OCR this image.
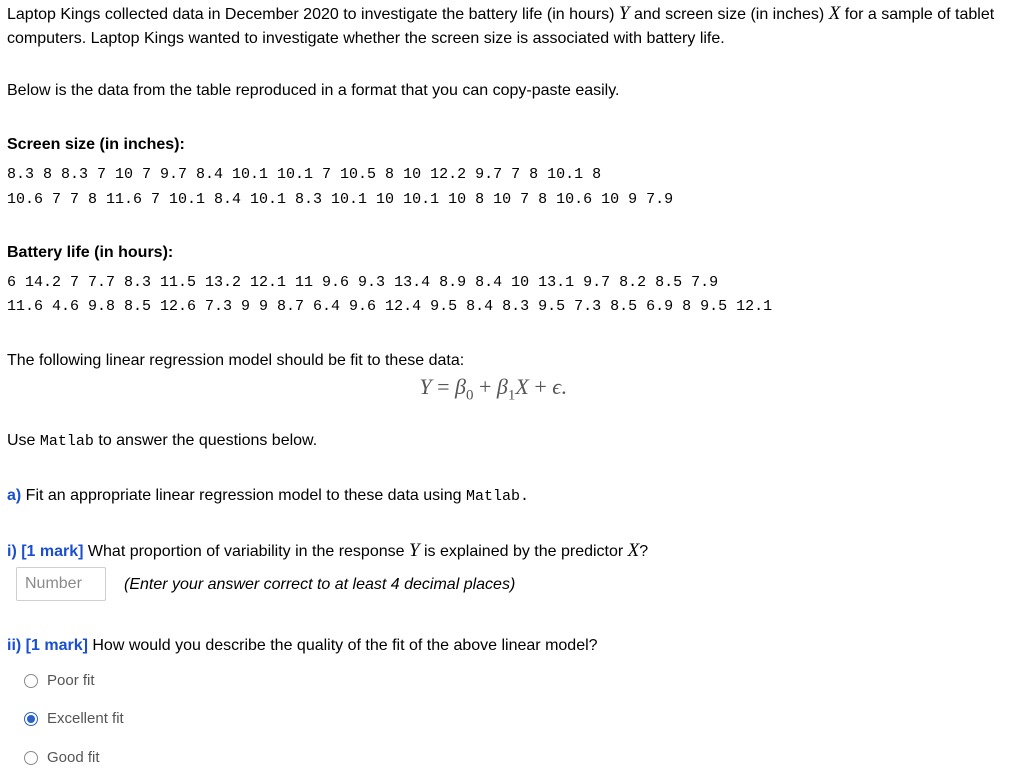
Laptop Kings collected data in December 2020 to investigate the battery life (in hours) Y and screen size (in inches) X for a sample of tablet computers. Laptop Kings wanted to investigate whether the screen size is associated with battery life.
Below is the data from the table reproduced in a format that you can copy-paste easily.
Screen size (in inches):
8.3 8 8.3 7 10 7 9.7 8.4 10.1 10.1 7 10.5 8 10 12.2 9.7 7 8 10.1 8
10.6 7 7 8 11.6 7 10.1 8.4 10.1 8.3 10.1 10 10.1 10 8 10 7 8 10.6 10 9 7.9
Battery life (in hours):
6 14.2 7 7.7 8.3 11.5 13.2 12.1 11 9.6 9.3 13.4 8.9 8.4 10 13.1 9.7 8.2 8.5 7.9
11.6 4.6 9.8 8.5 12.6 7.3 9 9 8.7 6.4 9.6 12.4 9.5 8.4 8.3 9.5 7.3 8.5 6.9 8 9.5 12.1
The following linear regression model should be fit to these data:
$Y = \beta_0 + \beta_1X + \epsilon$.
Use Matlab to answer the questions below.
a) Fit an appropriate linear regression model to these data using Matlab.
i) [1 mark] What proportion of variability in the response Y is explained by the predictor X?
Number
(Enter your answer correct to at least 4 decimal places)
ii) [1 mark] How would you describe the quality of the fit of the above linear model?
Poor fit
Excellent fit
Good fit
